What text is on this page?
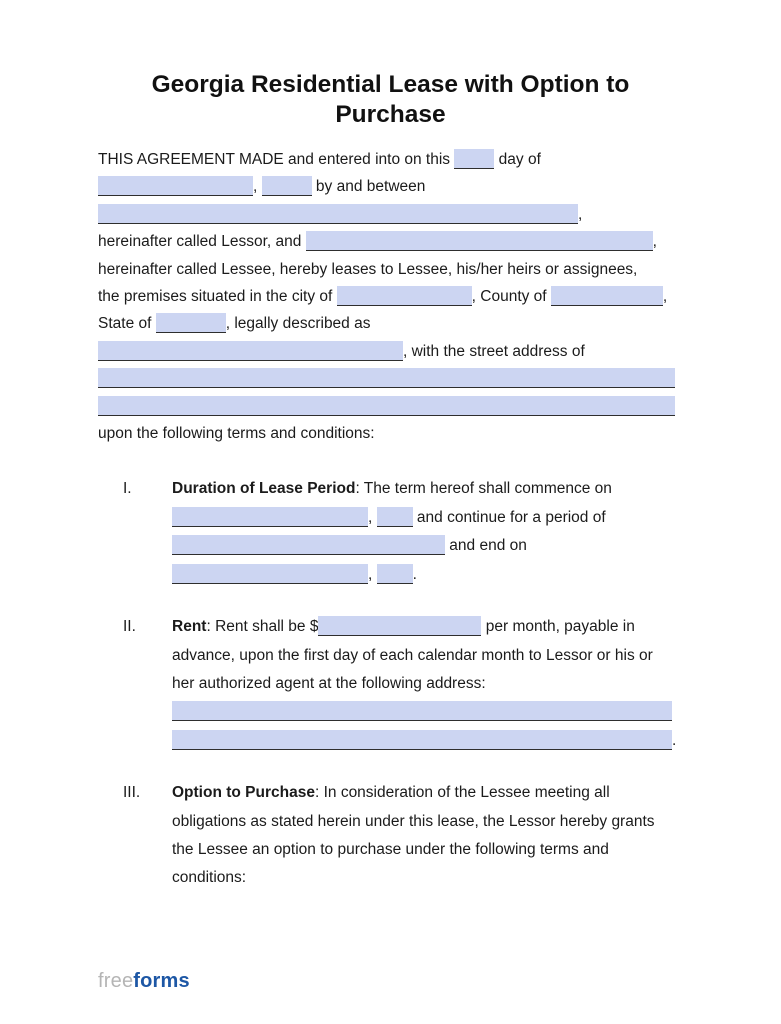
Georgia Residential Lease with Option to
Purchase
THIS AGREEMENT MADE and entered into on this	day of
,	by and between
,
hereinafter called Lessor, and	,
hereinafter called Lessee, hereby leases to Lessee, his/her heirs or assignees,
the premises situated in the city of	, County of	,
State of	, legally described as
, with the street address of
upon the following terms and conditions:
I.	Duration of Lease Period: The term hereof shall commence on
,  and continue for a period of
and end on
, .
II. Rent: Rent shall be $	per month, payable in
advance, upon the first day of each calendar month to Lessor or his or
her authorized agent at the following address:
.
III. Option to Purchase: In consideration of the Lessee meeting all
obligations as stated herein under this lease, the Lessor hereby grants
the Lessee an option to purchase under the following terms and
conditions:
freeforms
